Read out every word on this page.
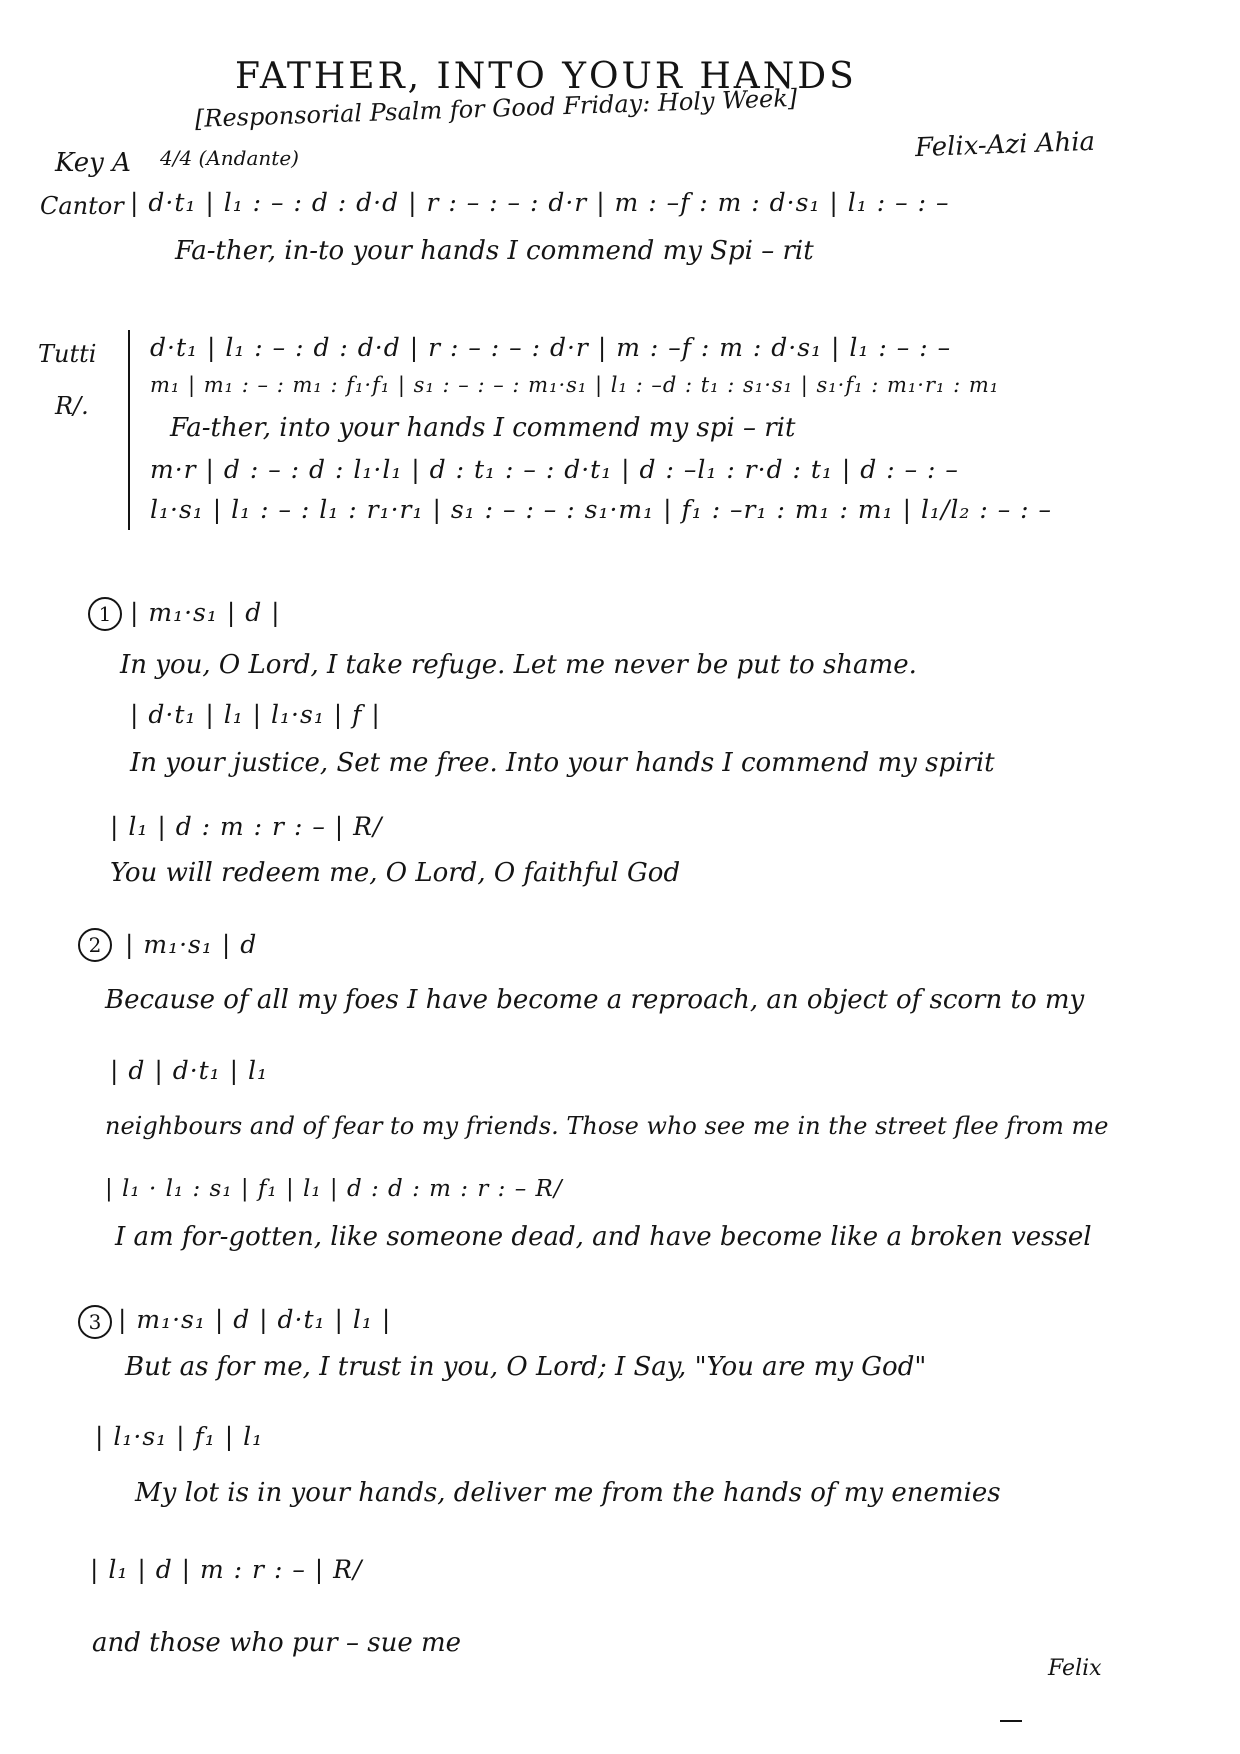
FATHER, INTO YOUR HANDS
[Responsorial Psalm for Good Friday: Holy Week]
Key A 4/4 (Andante)	Felix-Azi Ahia
Cantor | d·t₁ | l₁ : – : d : d·d | r : – : – : d·r | m : –f : m : d·s₁ | l₁ : – : –
Fa-ther, in-to your hands I commend my Spi – rit
Tutti
R/.
d·t₁ | l₁ : – : d : d·d | r : – : – : d·r | m : –f : m : d·s₁ | l₁ : – : –
m₁ | m₁ : – : m₁ : f₁·f₁ | s₁ : – : – : m₁·s₁ | l₁ : –d : t₁ : s₁·s₁ | s₁·f₁ : m₁·r₁ : m₁
Fa-ther, into your hands I commend my spi – rit
m·r | d : – : d : l₁·l₁ | d : t₁ : – : d·t₁ | d : –l₁ : r·d : t₁ | d : – : –
l₁·s₁ | l₁ : – : l₁ : r₁·r₁ | s₁ : – : – : s₁·m₁ | f₁ : –r₁ : m₁ : m₁ | l₁/l₂ : – : –
1 | m₁·s₁ | d |
In you, O Lord, I take refuge. Let me never be put to shame.
| d·t₁ | l₁ | l₁·s₁ | f |
In your justice, Set me free. Into your hands I commend my spirit
| l₁ | d : m : r : – | R/
You will redeem me, O Lord, O faithful God
2 | m₁·s₁ | d
Because of all my foes I have become a reproach, an object of scorn to my
| d | d·t₁ | l₁
neighbours and of fear to my friends. Those who see me in the street flee from me
| l₁ · l₁ : s₁ | f₁ | l₁ | d : d : m : r : – R/
I am for-gotten, like someone dead, and have become like a broken vessel
3 | m₁·s₁ | d | d·t₁ | l₁ |
But as for me, I trust in you, O Lord; I Say, "You are my God"
| l₁·s₁ | f₁ | l₁
My lot is in your hands, deliver me from the hands of my enemies
| l₁ | d | m : r : – | R/
and those who pur – sue me
Felix
